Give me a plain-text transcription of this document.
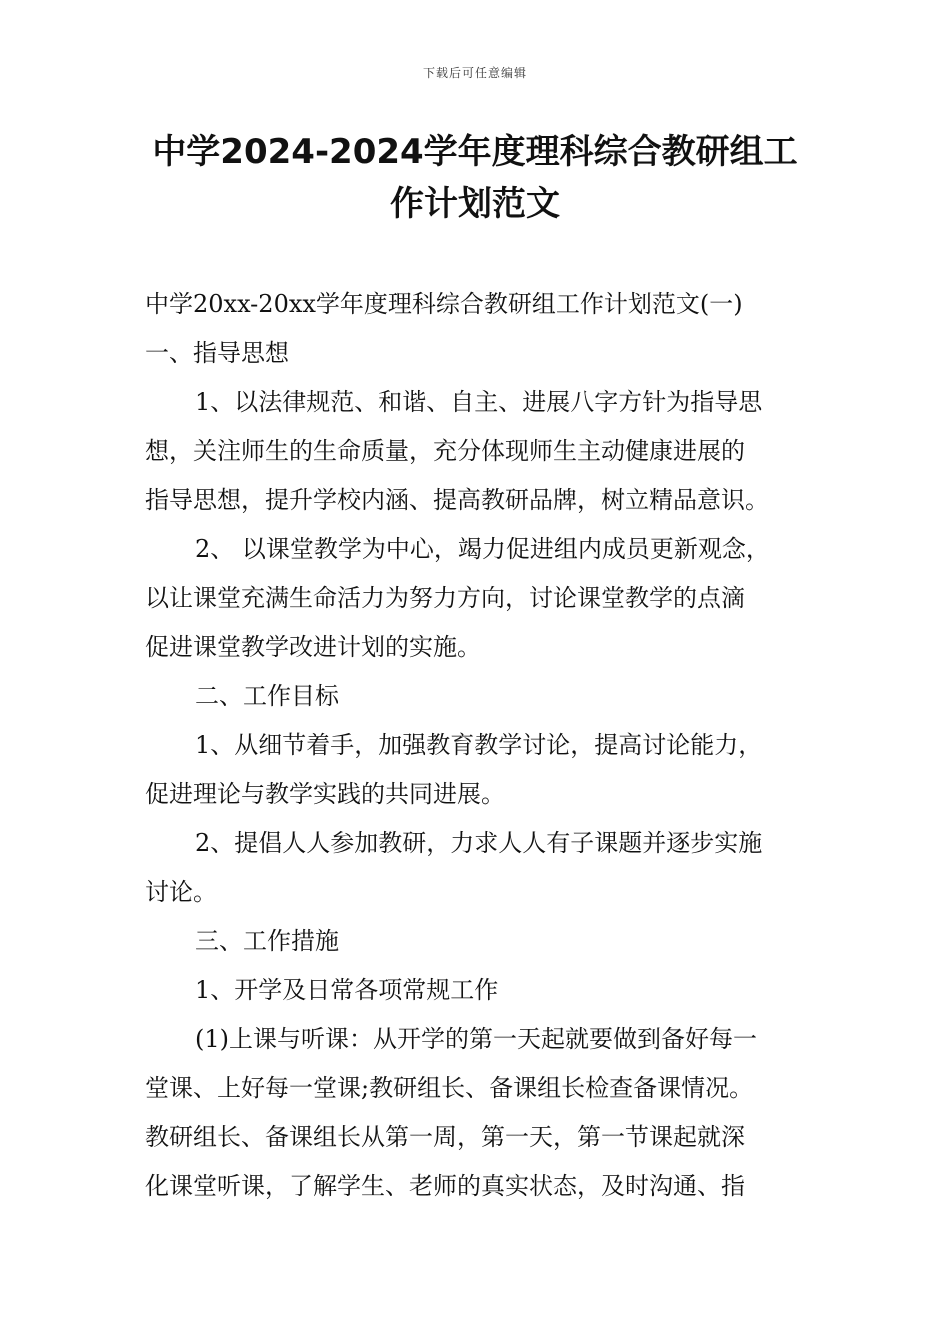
下载后可任意编辑
中学2024-2024学年度理科综合教研组工
作计划范文
中学20xx-20xx学年度理科综合教研组工作计划范文(一)
一、指导思想
1、以法律规范、和谐、自主、进展八字方针为指导思
想，关注师生的生命质量，充分体现师生主动健康进展的
指导思想，提升学校内涵、提高教研品牌，树立精品意识。
2、 以课堂教学为中心，竭力促进组内成员更新观念，
以让课堂充满生命活力为努力方向，讨论课堂教学的点滴
促进课堂教学改进计划的实施。
二、工作目标
1、从细节着手，加强教育教学讨论，提高讨论能力，
促进理论与教学实践的共同进展。
2、提倡人人参加教研，力求人人有子课题并逐步实施
讨论。
三、工作措施
1、开学及日常各项常规工作
(1)上课与听课：从开学的第一天起就要做到备好每一
堂课、上好每一堂课;教研组长、备课组长检查备课情况。
教研组长、备课组长从第一周，第一天，第一节课起就深
化课堂听课，了解学生、老师的真实状态，及时沟通、指
